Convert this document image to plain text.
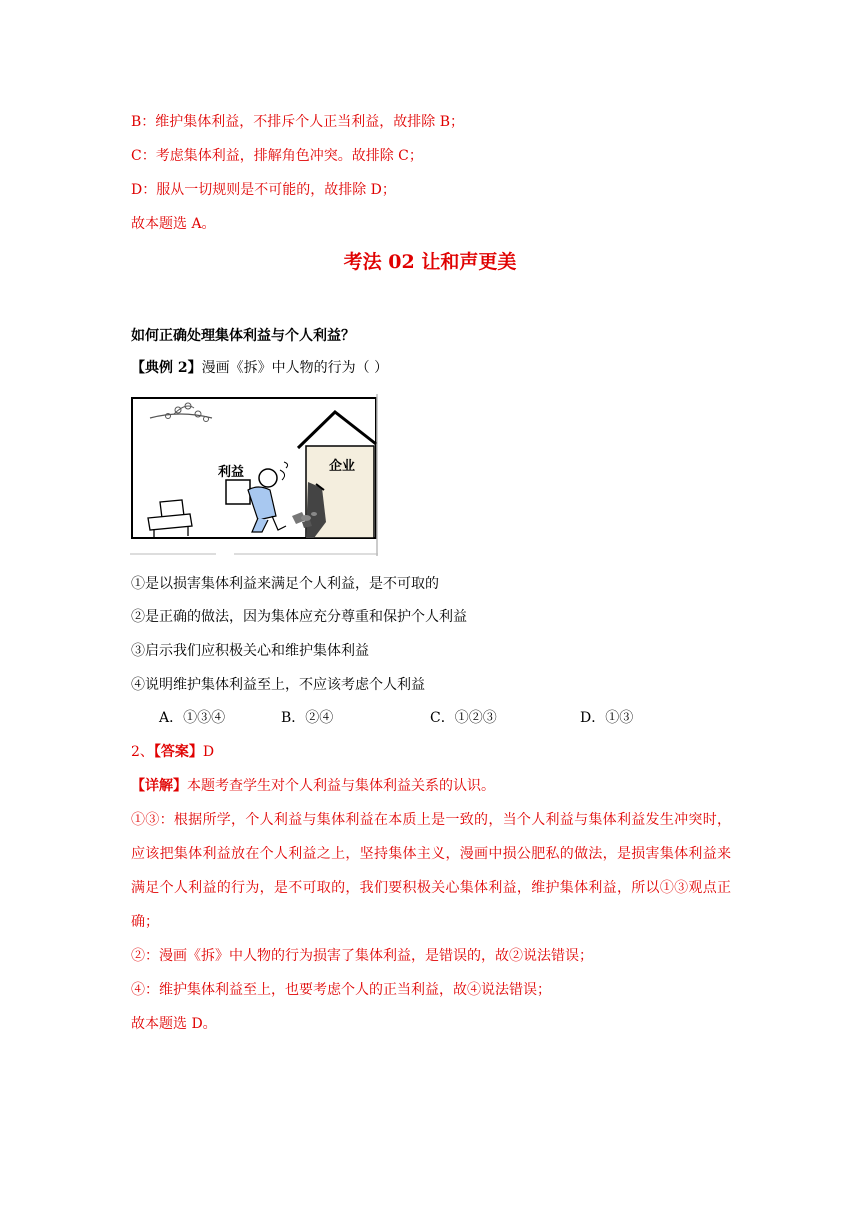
B：维护集体利益，不排斥个人正当利益，故排除 B；
C：考虑集体利益，排解角色冲突。故排除 C；
D：服从一切规则是不可能的，故排除 D；
故本题选 A。
考法 02 让和声更美
如何正确处理集体利益与个人利益？
【典例 2】漫画《拆》中人物的行为（ ）
企业
利益
①是以损害集体利益来满足个人利益，是不可取的
②是正确的做法，因为集体应充分尊重和保护个人利益
③启示我们应积极关心和维护集体利益
④说明维护集体利益至上，不应该考虑个人利益
A．①③④	B．②④	C．①②③	D．①③
2、【答案】D
【详解】本题考查学生对个人利益与集体利益关系的认识。
①③：根据所学，个人利益与集体利益在本质上是一致的，当个人利益与集体利益发生冲突时，应该把集体利益放在个人利益之上，坚持集体主义，漫画中损公肥私的做法，是损害集体利益来满足个人利益的行为，是不可取的，我们要积极关心集体利益，维护集体利益，所以①③观点正确；
②：漫画《拆》中人物的行为损害了集体利益，是错误的，故②说法错误；
④：维护集体利益至上，也要考虑个人的正当利益，故④说法错误；
故本题选 D。
